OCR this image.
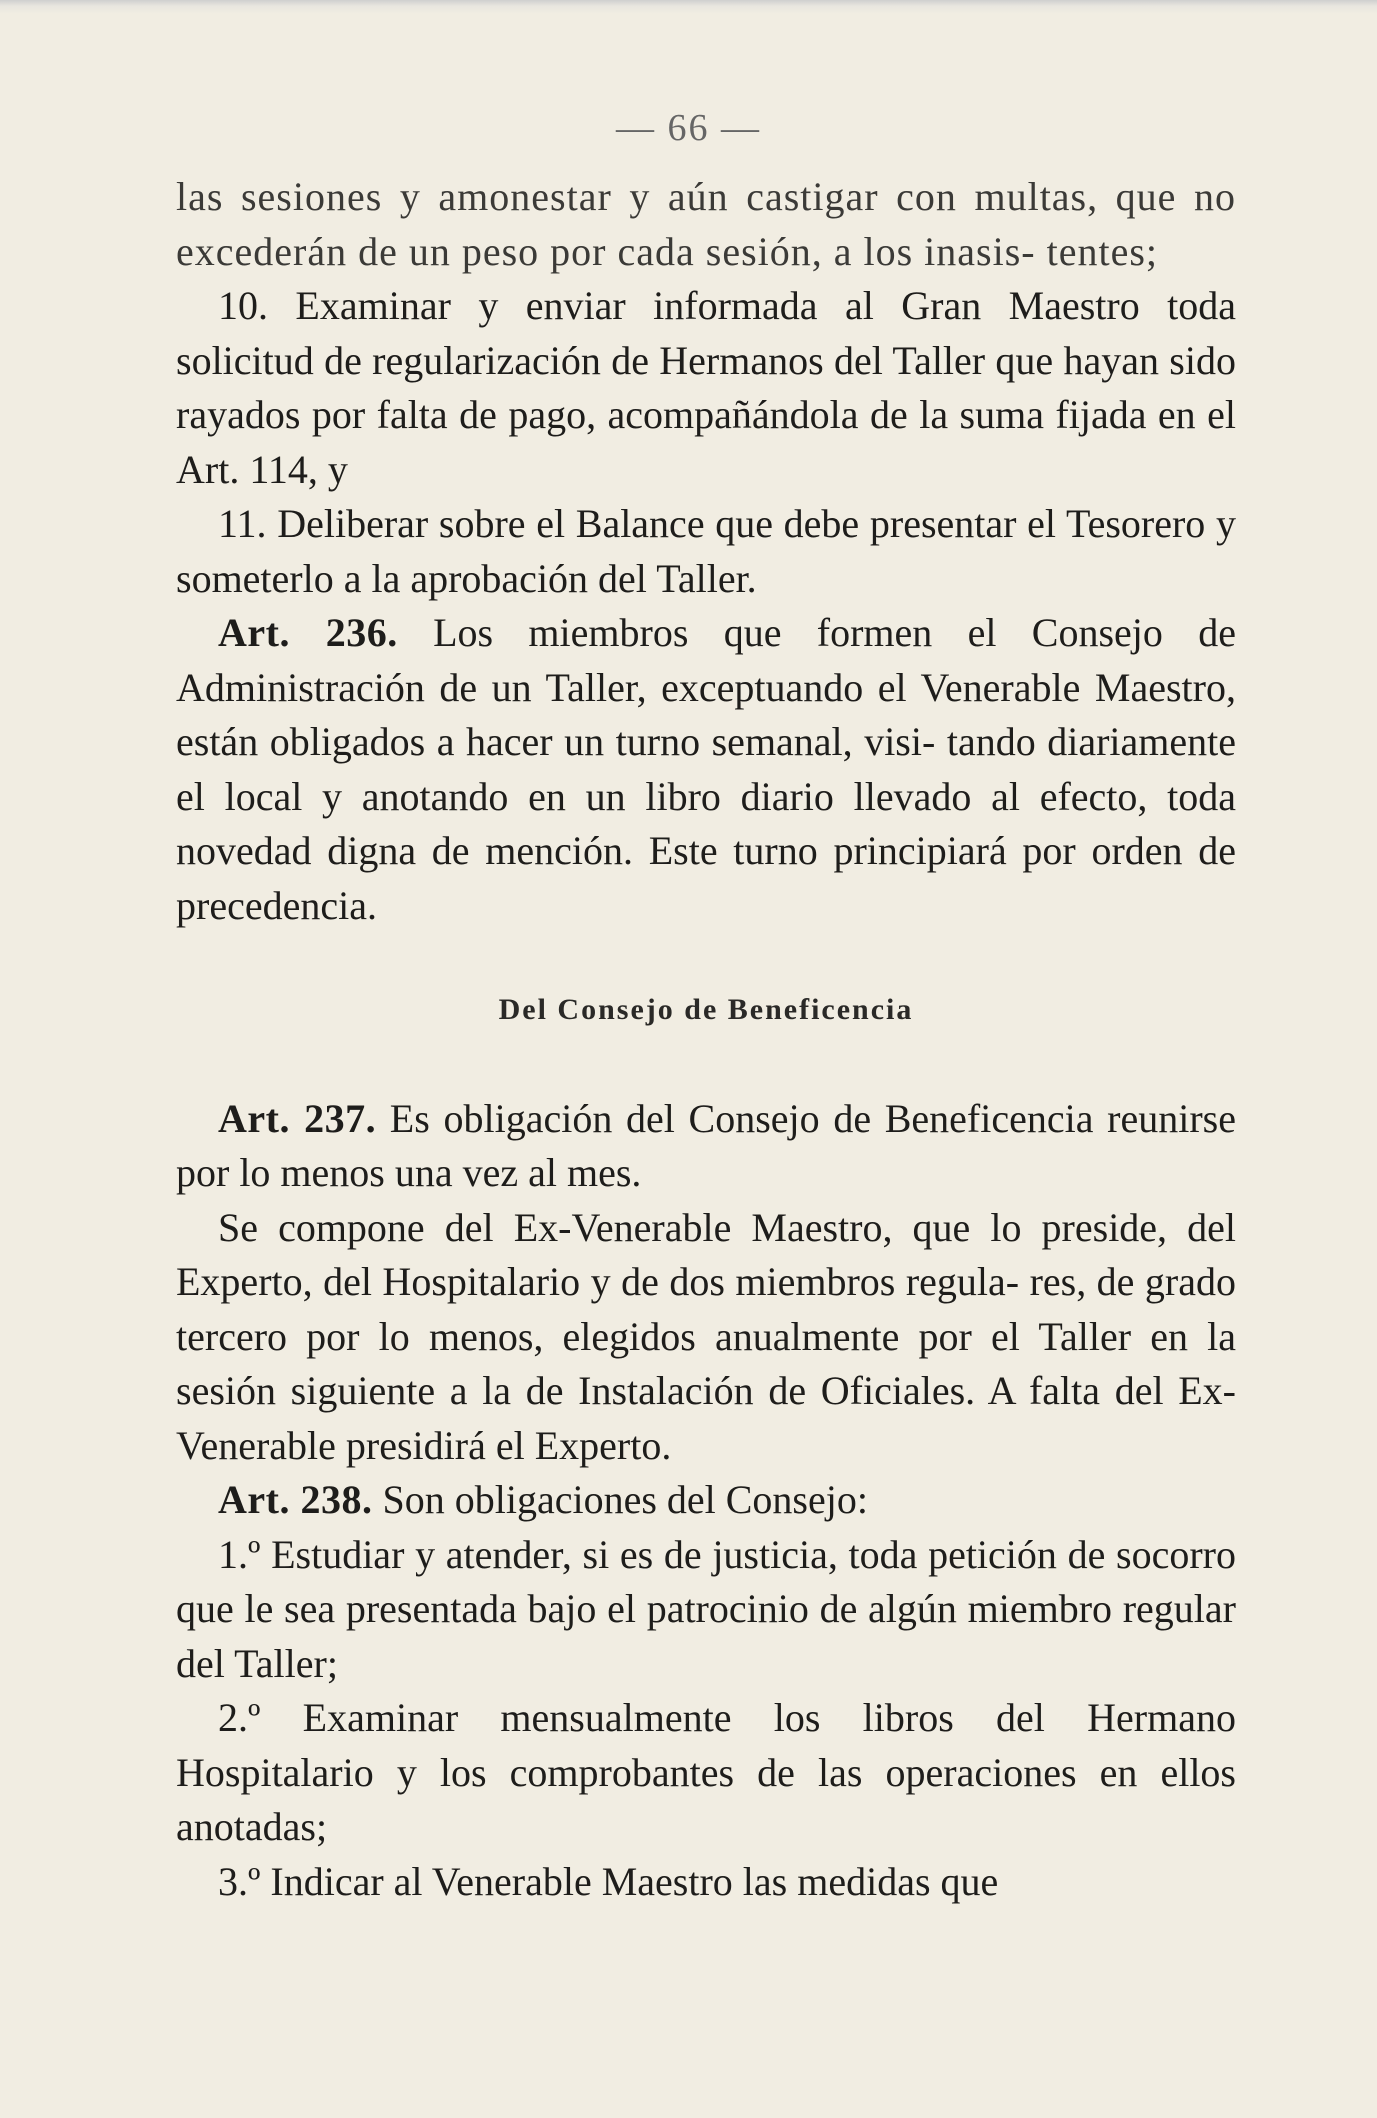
— 66 —

las sesiones y amonestar y aún castigar con multas, que no excederán de un peso por cada sesión, a los inasis- tentes;

10. Examinar y enviar informada al Gran Maestro toda solicitud de regularización de Hermanos del Taller que hayan sido rayados por falta de pago, acompañándola de la suma fijada en el Art. 114, y

11. Deliberar sobre el Balance que debe presentar el Tesorero y someterlo a la aprobación del Taller.

Art. 236. Los miembros que formen el Consejo de Administración de un Taller, exceptuando el Venerable Maestro, están obligados a hacer un turno semanal, visi- tando diariamente el local y anotando en un libro diario llevado al efecto, toda novedad digna de mención. Este turno principiará por orden de precedencia.

Del Consejo de Beneficencia

Art. 237. Es obligación del Consejo de Beneficencia reunirse por lo menos una vez al mes.

Se compone del Ex-Venerable Maestro, que lo preside, del Experto, del Hospitalario y de dos miembros regula- res, de grado tercero por lo menos, elegidos anualmente por el Taller en la sesión siguiente a la de Instalación de Oficiales. A falta del Ex-Venerable presidirá el Experto.

Art. 238. Son obligaciones del Consejo:

1.º Estudiar y atender, si es de justicia, toda petición de socorro que le sea presentada bajo el patrocinio de algún miembro regular del Taller;

2.º Examinar mensualmente los libros del Hermano Hospitalario y los comprobantes de las operaciones en ellos anotadas;

3.º Indicar al Venerable Maestro las medidas que
